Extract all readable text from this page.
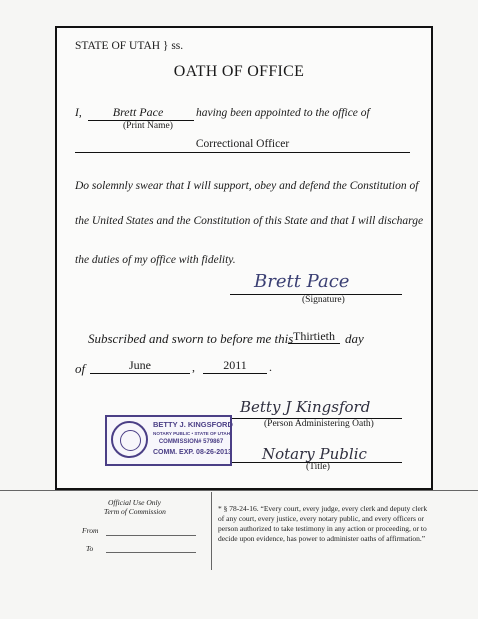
STATE OF UTAH } ss.
OATH OF OFFICE
I,	Brett Pace	having been appointed to the office of
(Print Name)
Correctional Officer
Do solemnly swear that I will support, obey and defend the Constitution of
the United States and the Constitution of this State and that I will discharge
the duties of my office with fidelity.
Brett Pace
(Signature)
Subscribed and sworn to before me this Thirtieth day
of	June	,	2011	.
Betty J Kingsford
(Person Administering Oath)
Notary Public
(Title)
BETTY J. KINGSFORD
NOTARY PUBLIC • STATE OF UTAH
COMMISSION# 579867
COMM. EXP. 08-26-2013
Official Use Only
Term of Commission
From
To
* § 78-24-16. “Every court, every judge, every clerk and deputy clerk of any court, every justice, every notary public, and every officers or person authorized to take testimony in any action or proceeding, or to decide upon evidence, has power to administer oaths of affirmation.”
